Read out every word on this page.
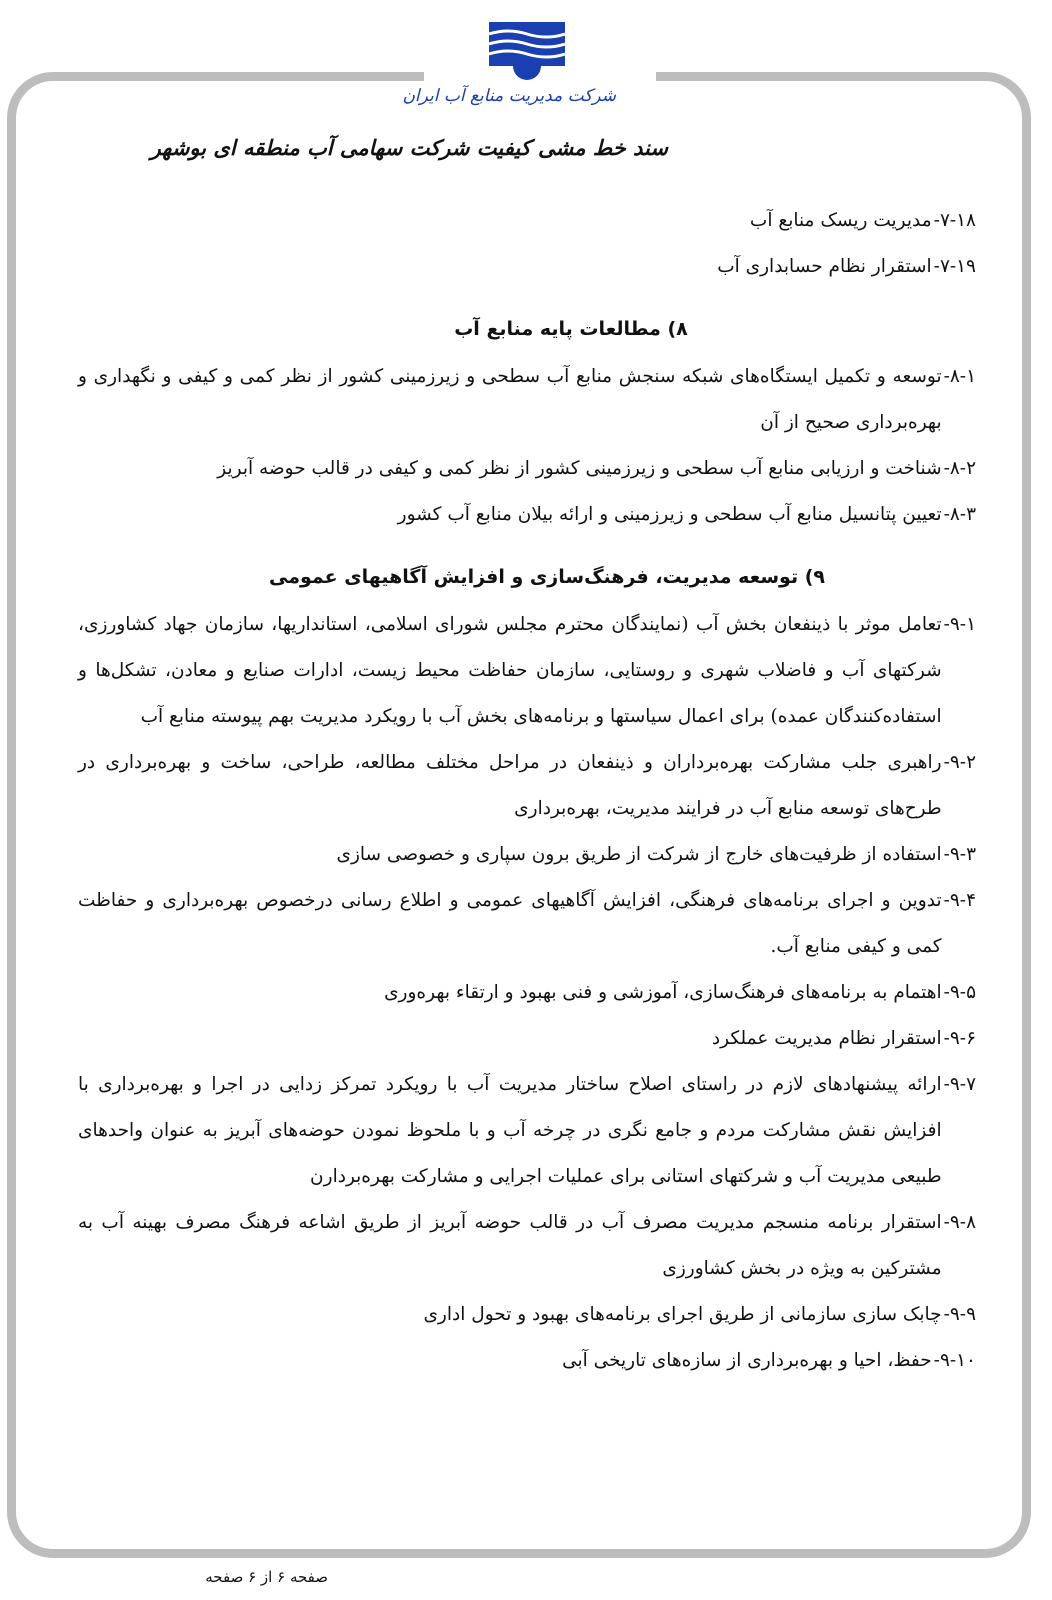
شرکت مدیریت منابع آب ایران
سند خط مشی کیفیت شرکت سهامی آب منطقه ای بوشهر
۷-۱۸-
مدیریت ریسک منابع آب
۷-۱۹-
استقرار نظام حسابداری آب
۸) مطالعات پایه منابع آب
۸-۱-
توسعه و تکمیل ایستگاه‌های شبکه سنجش منابع آب سطحی و زیرزمینی کشور از نظر کمی و کیفی و نگهداری و بهره‌برداری صحیح از آن
۸-۲-
شناخت و ارزیابی منابع آب سطحی و زیرزمینی کشور از نظر کمی و کیفی در قالب حوضه آبریز
۸-۳-
تعیین پتانسیل منابع آب سطحی و زیرزمینی و ارائه بیلان منابع آب کشور
۹) توسعه مدیریت، فرهنگ‌سازی و افزایش آگاهیهای عمومی
۹-۱-
تعامل موثر با ذینفعان بخش آب (نمایندگان محترم مجلس شورای اسلامی، استانداریها، سازمان جهاد کشاورزی، شرکتهای آب و فاضلاب شهری و روستایی، سازمان حفاظت محیط زیست، ادارات صنایع و معادن، تشکل‌ها و استفاده‌کنندگان عمده) برای اعمال سیاستها و برنامه‌های بخش آب با رویکرد مدیریت بهم پیوسته منابع آب
۹-۲-
راهبری جلب مشارکت بهره‌برداران و ذینفعان در مراحل مختلف مطالعه، طراحی، ساخت و بهره‌برداری در طرح‌های توسعه منابع آب در فرایند مدیریت، بهره‌برداری
۹-۳-
استفاده از ظرفیت‌های خارج از شرکت از طریق برون سپاری و خصوصی سازی
۹-۴-
تدوین و اجرای برنامه‌های فرهنگی، افزایش آگاهیهای عمومی و اطلاع رسانی درخصوص بهره‌برداری و حفاظت کمی و کیفی منابع آب.
۹-۵-
اهتمام به برنامه‌های فرهنگ‌سازی، آموزشی و فنی بهبود و ارتقاء بهره‌وری
۹-۶-
استقرار نظام مدیریت عملکرد
۹-۷-
ارائه پیشنهادهای لازم در راستای اصلاح ساختار مدیریت آب با رویکرد تمرکز زدایی در اجرا و بهره‌برداری با افزایش نقش مشارکت مردم و جامع نگری در چرخه آب و با ملحوظ نمودن حوضه‌های آبریز به عنوان واحدهای طبیعی مدیریت آب و شرکتهای استانی برای عملیات اجرایی و مشارکت بهره‌بردارن
۹-۸-
استقرار برنامه منسجم مدیریت مصرف آب در قالب حوضه آبریز از طریق اشاعه فرهنگ مصرف بهینه آب به مشترکین به ویژه در بخش کشاورزی
۹-۹-
چابک سازی سازمانی از طریق اجرای برنامه‌های بهبود و تحول اداری
۹-۱۰-
حفظ، احیا و بهره‌برداری از سازه‌های تاریخی آبی
صفحه ۶ از ۶ صفحه
